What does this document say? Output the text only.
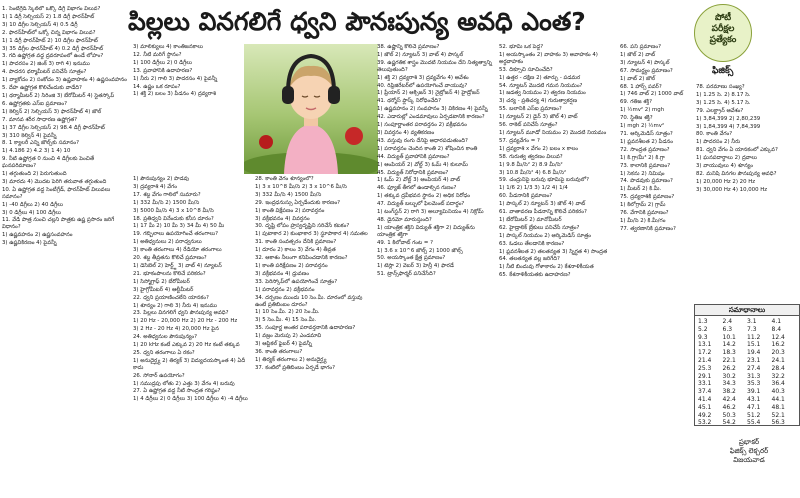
పిల్లలు వినగలిగే ధ్వని పౌనఃపున్య అవధి ఎంత?	పోటీ
పరీక్షల
ప్రత్యేకం
ఫిజిక్స్
1. సెంటీగ్రేడ్ స్కేల్‌లో ఒక్కో డిగ్రీ విభాగం విలువ?
1) 1 డిగ్రీ సెల్సియస్ 2) 1.8 డిగ్రీ ఫారన్‌హీట్
3) 10 డిగ్రీల సెల్సియస్ 4) 0.5 డిగ్రీ
2. ఫారన్‌హీట్‌లో ఒక్కో చిన్న విభాగం విలువ?
1) 1 డిగ్రీ ఫారన్‌హీట్ 2) 10 డిగ్రీల ఫారన్‌హీట్
3) 35 డిగ్రీల ఫారన్‌హీట్ 4) 0.2 డిగ్రీ ఫారన్‌హీట్
3. గది ఉష్ణోగ్రత వద్ద ద్రవరూపంలో ఉండే లోహం?
1) పాదరసం 2) జింక్ 3) రాగి 4) ఇనుము
4. పాదరస థర్మామీటర్‌ పనిచేసే సూత్రం?
1) వ్యాకోచం 2) సంకోచం 3) ఉష్ణవాహకం 4) ఉష్ణసంవహనం
5. దేహ ఉష్ణోగ్రత కొలిచేందుకు వాడేది?
1) థర్మామీటర్ 2) సిరింజి 3) బేరోమీటర్ 4) స్టెతస్కోప్
6. ఉష్ణోగ్రతకు ఎస్‌ఐ ప్రమాణం?
1) కెల్విన్ 2) సెల్సియస్ 3) ఫారన్‌హీట్ 4) జౌల్
7. మానవ శరీర సాధారణ ఉష్ణోగ్రత?
1) 37 డిగ్రీల సెల్సియస్ 2) 98.4 డిగ్రీ ఫారన్‌హీట్
3) 310 కెల్విన్ 4) పైవన్నీ
8. 1 క్యాలరీ ఎన్ని జౌల్స్‌కు సమానం?
1) 4.186 2) 4.2 3) 1 4) 10
9. నీటి ఉష్ణోగ్రత 0 నుంచి 4 డిగ్రీలకు పెంచితే ఘనపరిమాణం?
1) తగ్గుతుంది 2) పెరుగుతుంది
3) మారదు 4) మొదట పెరిగి తరువాత తగ్గుతుంది
10. ఏ ఉష్ణోగ్రత వద్ద సెంటీగ్రేడ్, ఫారన్‌హీట్ విలువలు సమానం?
1) -40 డిగ్రీలు 2) 40 డిగ్రీలు
3) 0 డిగ్రీలు 4) 100 డిగ్రీలు
11. వేడి పాత్ర నుంచి చల్లని పాత్రకు ఉష్ణ ప్రసారం జరిగే విధానం?
1) ఉష్ణవహనం 2) ఉష్ణసంవహనం
3) ఉష్ణవికిరణం 4) పైవన్నీ
3) మాలిక్యులు 4) కాంతిజనకాలు
12. నీటి మరిగే స్థానం?
1) 100 డిగ్రీలు 2) 0 డిగ్రీలు
13. ప్రవాహానికి ఉదాహరణ?
1) నీరు 2) గాలి 3) పాదరసం 4) పైవన్నీ
14. ఉష్ణం ఒక రూపం?
1) శక్తి 2) బలం 3) పీడనం 4) ద్రవ్యరాశి
1) పౌనఃపున్యం 2) పొడవు
3) ద్రవ్యరాశి 4) వేగం
17. శబ్ద వేగం గాలిలో సుమారు?
1) 332 మీ/సె 2) 1500 మీ/సె
3) 5000 మీ/సె 4) 3 x 10^8 మీ/సె
18. ప్రతిధ్వని వినేందుకు కనీస దూరం?
1) 17 మీ 2) 10 మీ 3) 34 మీ 4) 50 మీ
19. గబ్బిలాలు ఉపయోగించే తరంగాలు?
1) అతిధ్వనులు 2) పరాధ్వనులు
3) కాంతి తరంగాలు 4) రేడియో తరంగాలు
20. శబ్ద తీవ్రతను కొలిచే ప్రమాణం?
1) డెసిబెల్ 2) హెర్ట్జ్ 3) వాట్ 4) న్యూటన్
21. భూకంపాలను కొలిచే పరికరం?
1) సిస్మోగ్రాఫ్ 2) బేరోమీటర్
3) హైగ్రోమీటర్ 4) ఆల్టీమీటర్
22. ధ్వని ప్రయాణించలేని యానకం?
1) శూన్యం 2) గాలి 3) నీరు 4) ఇనుము
23. పిల్లలు వినగలిగే ధ్వని పౌనఃపున్య అవధి?
1) 20 Hz - 20,000 Hz 2) 20 Hz - 200 Hz
3) 2 Hz - 20 Hz 4) 20,000 Hz పైన
24. అతిధ్వనుల పౌనఃపున్యం?
1) 20 kHz కంటే ఎక్కువ 2) 20 Hz కంటే తక్కువ
25. ధ్వని తరంగాలు ఏ రకం?
1) అనుదైర్ఘ్య 2) తిర్యక్ 3) విద్యుదయస్కాంత 4) ఏదీ కాదు
26. సోనార్ ఉపయోగం?
1) సముద్రపు లోతు 2) ఎత్తు 3) వేగం 4) బరువు
27. ఏ ఉష్ణోగ్రత వద్ద నీటి సాంద్రత గరిష్ఠం?
1) 4 డిగ్రీలు 2) 0 డిగ్రీలు 3) 100 డిగ్రీలు 4) -4 డిగ్రీలు
28. కాంతి వేగం శూన్యంలో?
1) 3 x 10^8 మీ/సె 2) 3 x 10^6 మీ/సె
3) 332 మీ/సె 4) 1500 మీ/సె
29. ఇంద్రధనుస్సు ఏర్పడేందుకు కారణం?
1) కాంతి విక్షేపణం 2) పరావర్తనం
3) వక్రీభవనం 4) వివర్తనం
30. దృష్టి లోపం హ్రస్వదృష్టిని సరిచేసే కటకం?
1) పుటాకార 2) కుంభాకార 3) స్థూపాకార 4) సమతల
31. కాంతి సంవత్సరం దేనికి ప్రమాణం?
1) దూరం 2) కాలం 3) వేగం 4) తీవ్రత
32. ఆకాశం నీలంగా కనిపించడానికి కారణం?
1) కాంతి పరిక్షేపణం 2) పరావర్తనం
3) వక్రీభవనం 4) ధ్రువణం
33. పెరిస్కోప్‌లో ఉపయోగించే సూత్రం?
1) పరావర్తనం 2) వక్రీభవనం
34. దర్పణం ముందు 10 సెం.మీ. దూరంలో వస్తువు ఉంటే ప్రతిబింబం దూరం?
1) 10 సెం.మీ. 2) 20 సెం.మీ.
3) 5 సెం.మీ. 4) 15 సెం.మీ.
35. సంపూర్ణ అంతర పరావర్తనానికి ఉదాహరణ?
1) వజ్రం మెరుపు 2) ఎండమావి
3) ఆప్టికల్ ఫైబర్ 4) పైవన్నీ
36. కాంతి తరంగాలు?
1) తిర్యక్ తరంగాలు 2) అనుదైర్ఘ్య
37. కంటిలో ప్రతిబింబం ఏర్పడే భాగం?
38. ఉష్ణాన్ని కొలిచే ప్రమాణం?
1) జౌల్ 2) న్యూటన్ 3) వాట్ 4) పాస్కల్
39. ఉష్ణగతిక శాస్త్రం మొదటి నియమం దేని నిత్యత్వాన్ని తెలుపుతుంది?
1) శక్తి 2) ద్రవ్యరాశి 3) ద్రవ్యవేగం 4) ఆవేశం
40. రిఫ్రిజిరేటర్‌లో ఉపయోగించే వాయువు?
1) ఫ్రీయాన్ 2) ఆక్సిజన్ 3) నైట్రోజన్ 4) హైడ్రోజన్
41. థర్మోస్ ఫ్లాస్క్ నిరోధించేది?
1) ఉష్ణవహనం 2) సంవహనం 3) వికిరణం 4) పైవన్నీ
42. ఎడారుల్లో ఎండమావులు ఏర్పడటానికి కారణం?
1) సంపూర్ణాంతర పరావర్తనం 2) వక్రీభవనం
3) వివర్తనం 4) వ్యతికరణం
43. వస్తువు రంగు దేనిపై ఆధారపడుతుంది?
1) పరావర్తనం చెందిన కాంతి 2) శోషించిన కాంతి
44. విద్యుత్ ప్రవాహానికి ప్రమాణం?
1) ఆంపియర్ 2) వోల్ట్ 3) ఓమ్ 4) కులూమ్
45. విద్యుత్ నిరోధానికి ప్రమాణం?
1) ఓమ్ 2) వోల్ట్ 3) ఆంపియర్ 4) వాట్
46. ఫ్యూజ్ తీగలో ఉండాల్సిన గుణం?
1) తక్కువ ద్రవీభవన స్థానం 2) అధిక నిరోధం
47. విద్యుత్ బల్బులో ఫిలమెంట్ పదార్థం?
1) టంగ్‌స్టన్ 2) రాగి 3) అల్యూమినియం 4) నిక్రోమ్
48. డైనమో మారుస్తుంది?
1) యాంత్రిక శక్తిని విద్యుత్ శక్తిగా 2) విద్యుత్‌ను యాంత్రిక శక్తిగా
49. 1 కిలోవాట్ గంట = ?
1) 3.6 x 10^6 జౌల్స్ 2) 1000 జౌల్స్
50. అయస్కాంత క్షేత్ర ప్రమాణం?
1) టెస్లా 2) వెబర్ 3) హెన్రీ 4) ఫారడే
51. ట్రాన్స్‌ఫార్మర్ పనిచేసేది?
52. భూమి ఒక పెద్ద?
1) అయస్కాంతం 2) వాహకం 3) అవాహకం 4) అర్ధవాహకం
53. దిక్సూచి సూచించేది?
1) ఉత్తర - దక్షిణ 2) తూర్పు - పడమర
54. న్యూటన్ మొదటి గమన నియమం?
1) జడత్వ నియమం 2) త్వరణ నియమం
3) చర్య - ప్రతిచర్య 4) గురుత్వాకర్షణ
55. బలానికి ఎస్‌ఐ ప్రమాణం?
1) న్యూటన్ 2) డైన్ 3) జౌల్ 4) వాట్
56. రాకెట్ పనిచేసే సూత్రం?
1) న్యూటన్ మూడో నియమం 2) మొదటి నియమం
57. ద్రవ్యవేగం = ?
1) ద్రవ్యరాశి x వేగం 2) బలం x కాలం
58. గురుత్వ త్వరణం విలువ?
1) 9.8 మీ/సె² 2) 8.9 మీ/సె²
3) 10.8 మీ/సె² 4) 6.8 మీ/సె²
59. చంద్రునిపై బరువు భూమిపై బరువులో?
1) 1/6 2) 1/3 3) 1/2 4) 1/4
60. పీడనానికి ప్రమాణం?
1) పాస్కల్ 2) న్యూటన్ 3) జౌల్ 4) వాట్
61. వాతావరణ పీడనాన్ని కొలిచే పరికరం?
1) బేరోమీటర్ 2) మానోమీటర్
62. హైడ్రాలిక్ బ్రేకులు పనిచేసే సూత్రం?
1) పాస్కల్ నియమం 2) ఆర్కిమెడిస్ సూత్రం
63. ఓడలు తేలడానికి కారణం?
1) ప్లవనశీలత 2) తలతన్యత 3) స్నిగ్ధత 4) సాంద్రత
64. తలతన్యత వల్ల జరిగేది?
1) నీటి బిందువు గోళాకారం 2) కేశనాళికీయత
65. కేశనాళికీయతకు ఉదాహరణ?
66. పని ప్రమాణం?
1) జౌల్ 2) వాట్
3) న్యూటన్ 4) పాస్కల్
67. సామర్థ్యం ప్రమాణం?
1) వాట్ 2) జౌల్
68. 1 హార్స్ పవర్?
1) 746 వాట్ 2) 1000 వాట్
69. గతిజ శక్తి?
1) ½mv² 2) mgh
70. స్థితిజ శక్తి?
1) mgh 2) ½mv²
71. ఆర్కిమెడిస్ సూత్రం?
1) ప్లవనశీలత 2) పీడనం
72. సాంద్రత ప్రమాణం?
1) కి.గ్రా/మీ³ 2) కి.గ్రా
73. కాలానికి ప్రమాణం?
1) సెకను 2) నిమిషం
74. పొడవుకు ప్రమాణం?
1) మీటర్ 2) కి.మీ.
75. ద్రవ్యరాశికి ప్రమాణం?
1) కిలోగ్రామ్ 2) గ్రామ్
76. వేగానికి ప్రమాణం?
1) మీ/సె 2) కి.మీ/గం
77. త్వరణానికి ప్రమాణం?
78. పరమాణు సంఖ్య?
1) 1.25 సె. 2) 8.17 సె.
3) 1.25 సె. 4) 5.17 సె.
79. ఎలక్ట్రాన్ ఆవేశం?
1) 3,84,399 2) 2,80,239
3) 1,84,399 4) 7,84,399
80. కాంతి వేగం?
1) పాదరసం 2) నీరు
81. ధ్వని వేగం ఏ యానకంలో ఎక్కువ?
1) ఘనపదార్థాలు 2) ద్రవాలు
3) వాయువులు 4) శూన్యం
82. మనిషి వినగల పౌనఃపున్య అవధి?
1) 20,000 Hz 2) 20 Hz
3) 30,000 Hz 4) 10,000 Hz
సమాధానాలు
1.3	2.4	3.1	4.1
5.2	6.3	7.3	8.4
9.3	10.1	11.2	12.4
13.1	14.2	15.1	16.2
17.2	18.3	19.4	20.3
21.4	22.1	23.1	24.1
25.3	26.2	27.4	28.4
29.1	30.2	31.3	32.2
33.1	34.3	35.3	36.4
37.4	38.2	39.1	40.3
41.4	42.4	43.1	44.1
45.1	46.2	47.1	48.1
49.2	50.3	51.2	52.1
53.2	54.2	55.4	56.3
ప్రభాకర్
ఫిజిక్స్ లెక్చరర్
విజయవాడ
